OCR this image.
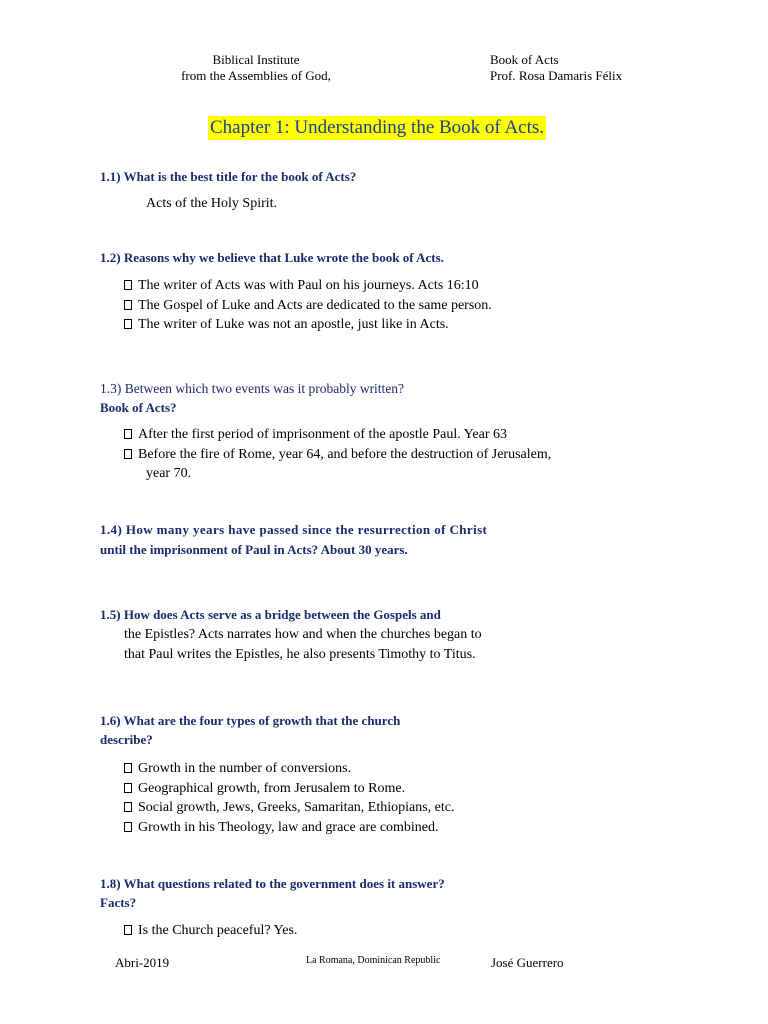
Biblical Institute
from the Assemblies of God,
Book of Acts
Prof. Rosa Damaris Félix
Chapter 1: Understanding the Book of Acts.
1.1) What is the best title for the book of Acts?
Acts of the Holy Spirit.
1.2) Reasons why we believe that Luke wrote the book of Acts.
The writer of Acts was with Paul on his journeys. Acts 16:10
The Gospel of Luke and Acts are dedicated to the same person.
The writer of Luke was not an apostle, just like in Acts.
1.3) Between which two events was it probably written?
Book of Acts?
After the first period of imprisonment of the apostle Paul. Year 63
Before the fire of Rome, year 64, and before the destruction of Jerusalem,
year 70.
1.4) How many years have passed since the resurrection of Christ
until the imprisonment of Paul in Acts? About 30 years.
1.5) How does Acts serve as a bridge between the Gospels and
the Epistles? Acts narrates how and when the churches began to
that Paul writes the Epistles, he also presents Timothy to Titus.
1.6) What are the four types of growth that the church
describe?
Growth in the number of conversions.
Geographical growth, from Jerusalem to Rome.
Social growth, Jews, Greeks, Samaritan, Ethiopians, etc.
Growth in his Theology, law and grace are combined.
1.8) What questions related to the government does it answer?
Facts?
Is the Church peaceful? Yes.
Abri-2019	La Romana, Dominican Republic	José Guerrero
